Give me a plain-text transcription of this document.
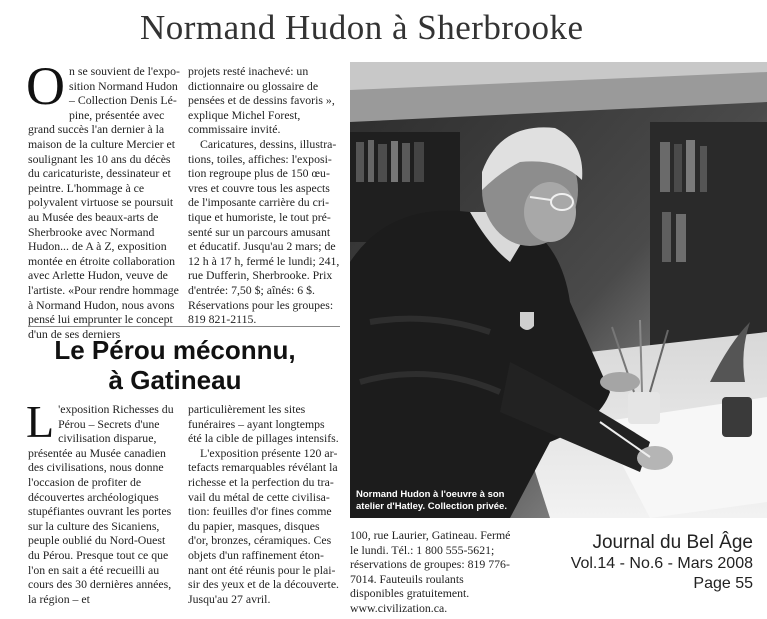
Normand Hudon à Sherbrooke
O n se souvient de l'exposition Normand Hudon – Collection Denis Lépine, présentée avec grand succès l'an dernier à la maison de la culture Mercier et soulignant les 10 ans du décès du caricaturiste, dessinateur et peintre. L'hommage à ce polyvalent virtuose se poursuit au Musée des beaux-arts de Sherbrooke avec Normand Hudon... de A à Z, exposition montée en étroite collaboration avec Arlette Hudon, veuve de l'artiste. «Pour rendre hommage à Normand Hudon, nous avons pensé lui emprunter le concept d'un de ses derniers

projets resté inachevé: un dictionnaire ou glossaire de pensées et de dessins favoris », explique Michel Forest, commissaire invité.

Caricatures, dessins, illustrations, toiles, affiches: l'exposition regroupe plus de 150 œuvres et couvre tous les aspects de l'imposante carrière du critique et humoriste, le tout présenté sur un parcours amusant et éducatif. Jusqu'au 2 mars; de 12 h à 17 h, fermé le lundi; 241, rue Dufferin, Sherbrooke. Prix d'entrée: 7,50 $; aînés: 6 $. Réservations pour les groupes: 819 821-2115.

Le Pérou méconnu,
à Gatineau
L 'exposition Richesses du Pérou – Secrets d'une civilisation disparue, présentée au Musée canadien des civilisations, nous donne l'occasion de profiter de découvertes archéologiques stupéfiantes ouvrant les portes sur la culture des Sicaniens, peuple oublié du Nord-Ouest du Pérou. Presque tout ce que l'on en sait a été recueilli au cours des 30 dernières années, la région – et

particulièrement les sites funéraires – ayant longtemps été la cible de pillages intensifs.

L'exposition présente 120 artefacts remarquables révélant la richesse et la perfection du travail du métal de cette civilisation: feuilles d'or fines comme du papier, masques, disques d'or, bronzes, céramiques. Ces objets d'un raffinement étonnant ont été réunis pour le plaisir des yeux et de la découverte. Jusqu'au 27 avril.

100, rue Laurier, Gatineau. Fermé le lundi. Tél.: 1 800 555-5621; réservations de groupes: 819 776-7014. Fauteuils roulants disponibles gratuitement. www.civilization.ca.

Normand Hudon à l'oeuvre à son
atelier d'Hatley. Collection privée.
Journal du Bel Âge
Vol.14 - No.6 - Mars 2008
Page 55
